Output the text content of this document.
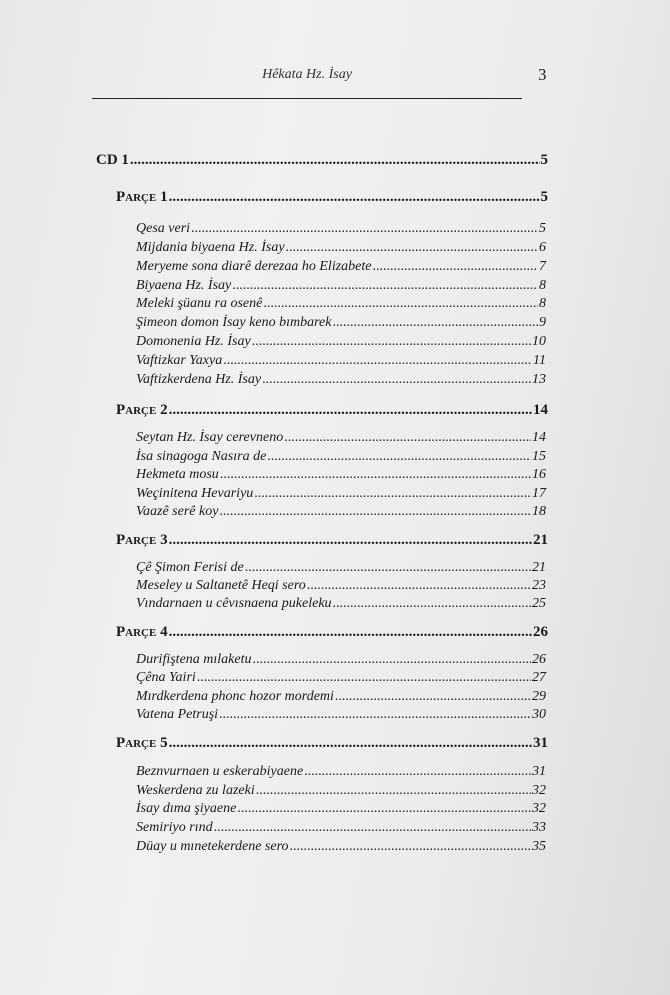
Hêkata Hz. İsay	3
CD 1 .....	5
Parçe 1 .....	5
Qesa veri .....	5
Mijdania biyaena Hz. İsay .....	6
Meryeme sona diarê derezaa ho Elizabete .....	7
Biyaena Hz. İsay .....	8
Meleki şüanu ra osenê .....	8
Şimeon domon İsay keno bımbarek .....	9
Domonenia Hz. İsay .....	10
Vaftizkar Yaxya .....	11
Vaftizkerdena Hz. İsay .....	13
Parçe 2 .....	14
Seytan Hz. İsay cerevneno .....	14
İsa sinagoga Nasıra de .....	15
Hekmeta mosu .....	16
Weçinitena Hevariyu .....	17
Vaazê serê koy .....	18
Parçe 3 .....	21
Çê Şimon Ferisi de .....	21
Meseley u Saltanetê Heqi sero .....	23
Vındarnaen u cêvısnaena pukeleku .....	25
Parçe 4 .....	26
Durifiştena mılaketu .....	26
Çêna Yairi .....	27
Mırdkerdena phonc hozor mordemi .....	29
Vatena Petruşi .....	30
Parçe 5 .....	31
Beznvurnaen u eskerabiyaene .....	31
Weskerdena zu lazeki .....	32
İsay dıma şiyaene .....	32
Semiriyo rınd .....	33
Düay u mınetekerdene sero .....	35
